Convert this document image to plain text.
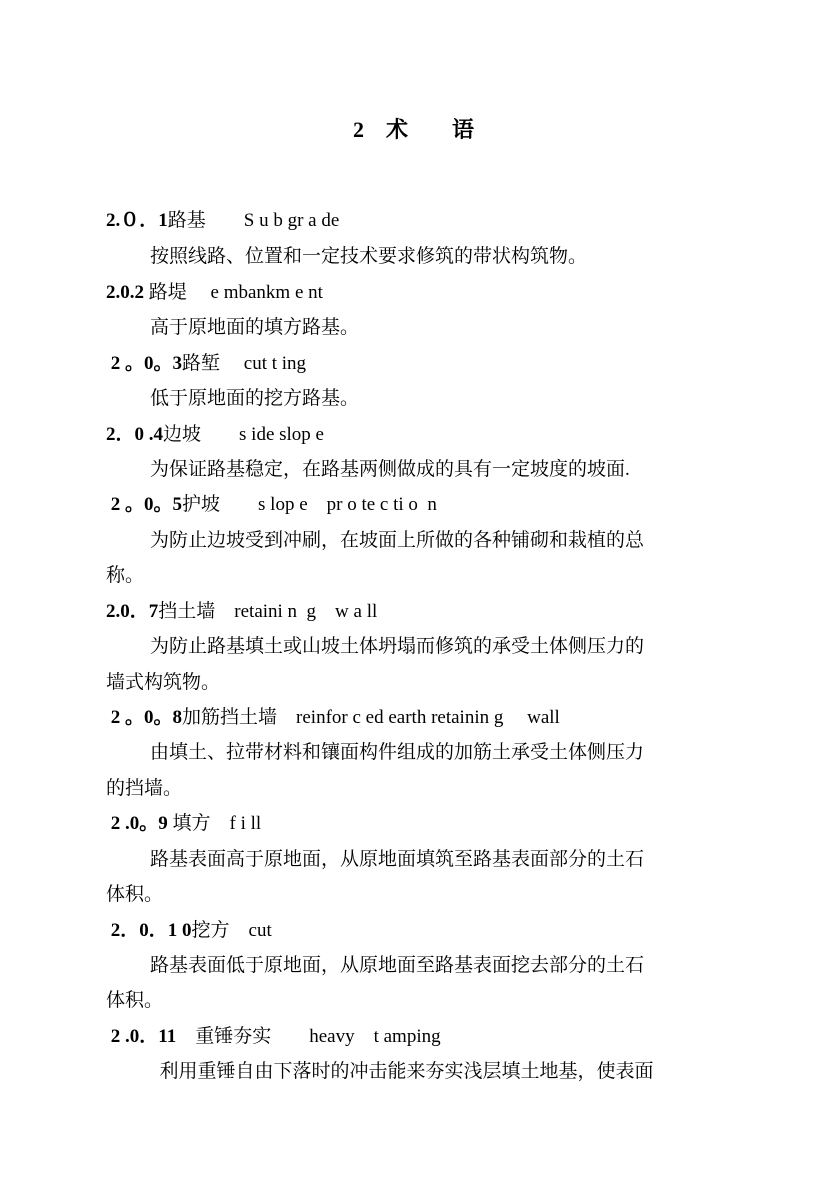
2　术　　语
2.０．1路基　　S u b gr a de
按照线路、位置和一定技术要求修筑的带状构筑物。
2.0.2 路堤　 e mbankm e nt
高于原地面的填方路基。
2 。0。3路堑　 cut t ing
低于原地面的挖方路基。
2．0 .4边坡　　s ide slop e
为保证路基稳定，在路基两侧做成的具有一定坡度的坡面.
2 。0。5护坡　　s lop e　pr o te c ti o  n
为防止边坡受到冲刷，在坡面上所做的各种铺砌和栽植的总
称。
2.0．7挡土墙　retaini n  g　w a ll
为防止路基填土或山坡土体坍塌而修筑的承受土体侧压力的
墙式构筑物。
2 。0。8加筋挡土墙　reinfor c ed earth retainin g　 wall
由填土、拉带材料和镶面构件组成的加筋土承受土体侧压力
的挡墙。
2 .0。9 填方　f i ll
路基表面高于原地面，从原地面填筑至路基表面部分的土石
体积。
2．0．1 0挖方　cut
路基表面低于原地面，从原地面至路基表面挖去部分的土石
体积。
2 .0．11　重锤夯实　　heavy　t amping
利用重锤自由下落时的冲击能来夯实浅层填土地基，使表面
